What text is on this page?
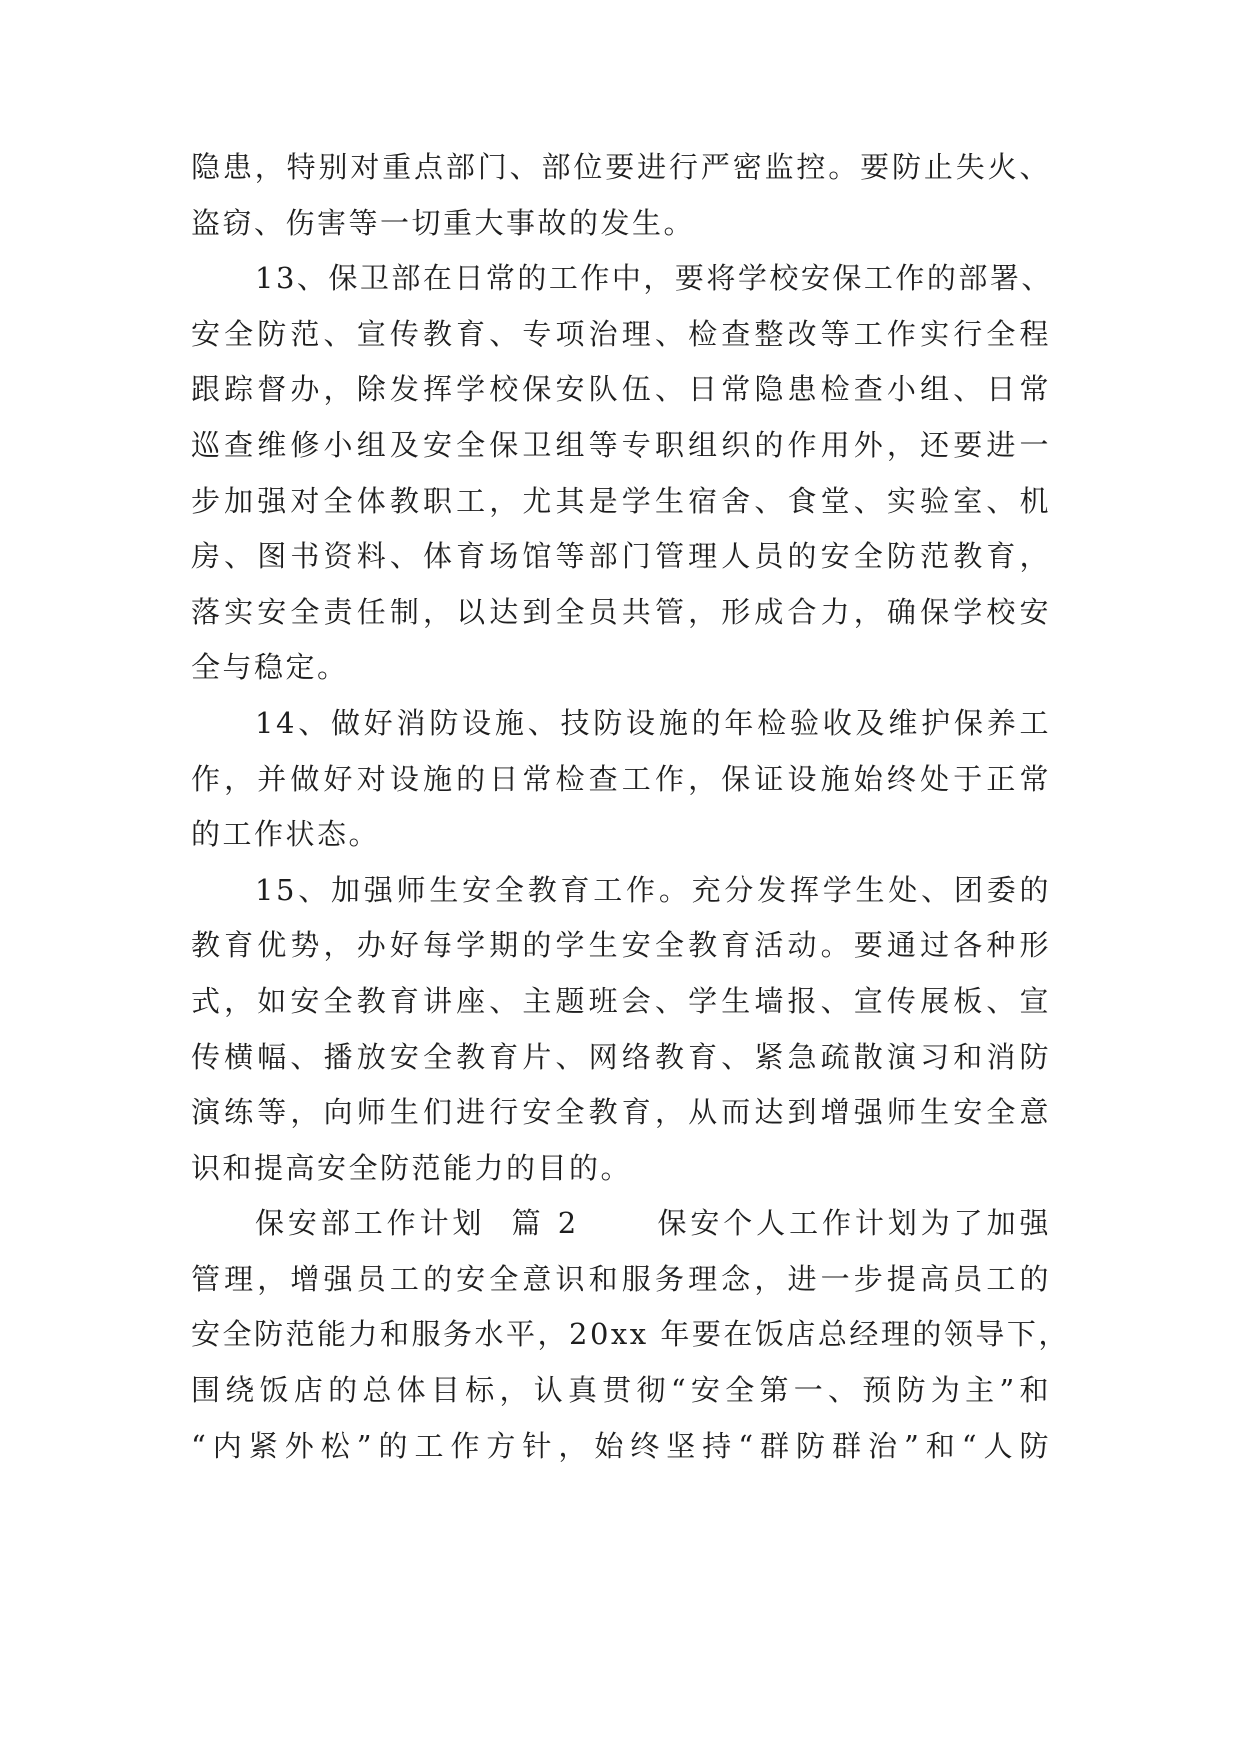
隐患，特别对重点部门、部位要进行严密监控。要防止失火、
盗窃、伤害等一切重大事故的发生。
13、保卫部在日常的工作中，要将学校安保工作的部署、
安全防范、宣传教育、专项治理、检查整改等工作实行全程
跟踪督办，除发挥学校保安队伍、日常隐患检查小组、日常
巡查维修小组及安全保卫组等专职组织的作用外，还要进一
步加强对全体教职工，尤其是学生宿舍、食堂、实验室、机
房、图书资料、体育场馆等部门管理人员的安全防范教育，
落实安全责任制，以达到全员共管，形成合力，确保学校安
全与稳定。
14、做好消防设施、技防设施的年检验收及维护保养工
作，并做好对设施的日常检查工作，保证设施始终处于正常
的工作状态。
15、加强师生安全教育工作。充分发挥学生处、团委的
教育优势，办好每学期的学生安全教育活动。要通过各种形
式，如安全教育讲座、主题班会、学生墙报、宣传展板、宣
传横幅、播放安全教育片、网络教育、紧急疏散演习和消防
演练等，向师生们进行安全教育，从而达到增强师生安全意
识和提高安全防范能力的目的。
保安部工作计划  篇 2      保安个人工作计划为了加强
管理，增强员工的安全意识和服务理念，进一步提高员工的
安全防范能力和服务水平，20xx 年要在饭店总经理的领导下，
围绕饭店的总体目标，认真贯彻“安全第一、预防为主”和
“内紧外松”的工作方针，始终坚持“群防群治”和“人防
